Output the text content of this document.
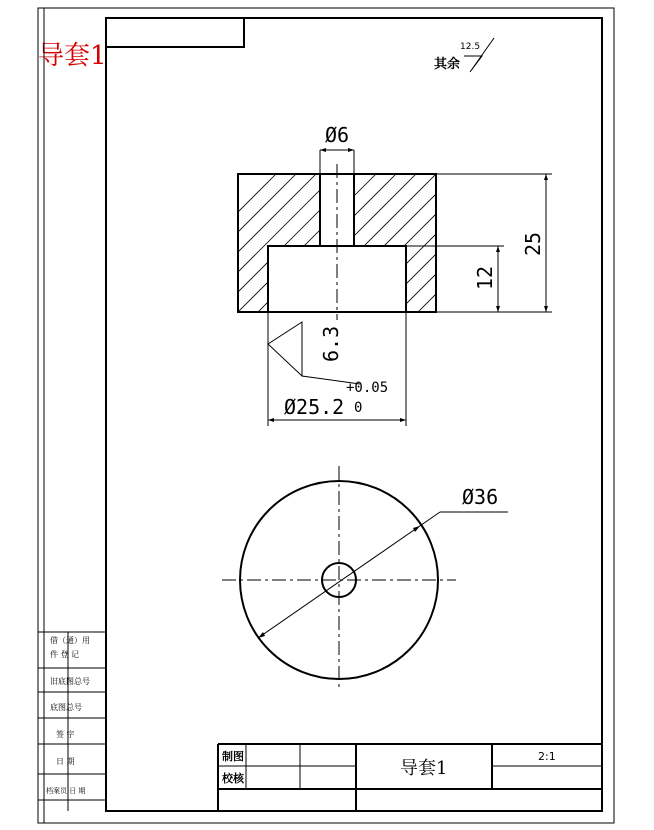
导套1	其余
12.5
借（通）用
件 登 记
旧底图总号
底图总号
签 字
日 期
档案员 日 期
Ø6
25
12
6.3
Ø25.2
+0.05
0
Ø36
制图
校核	导套1
2:1
